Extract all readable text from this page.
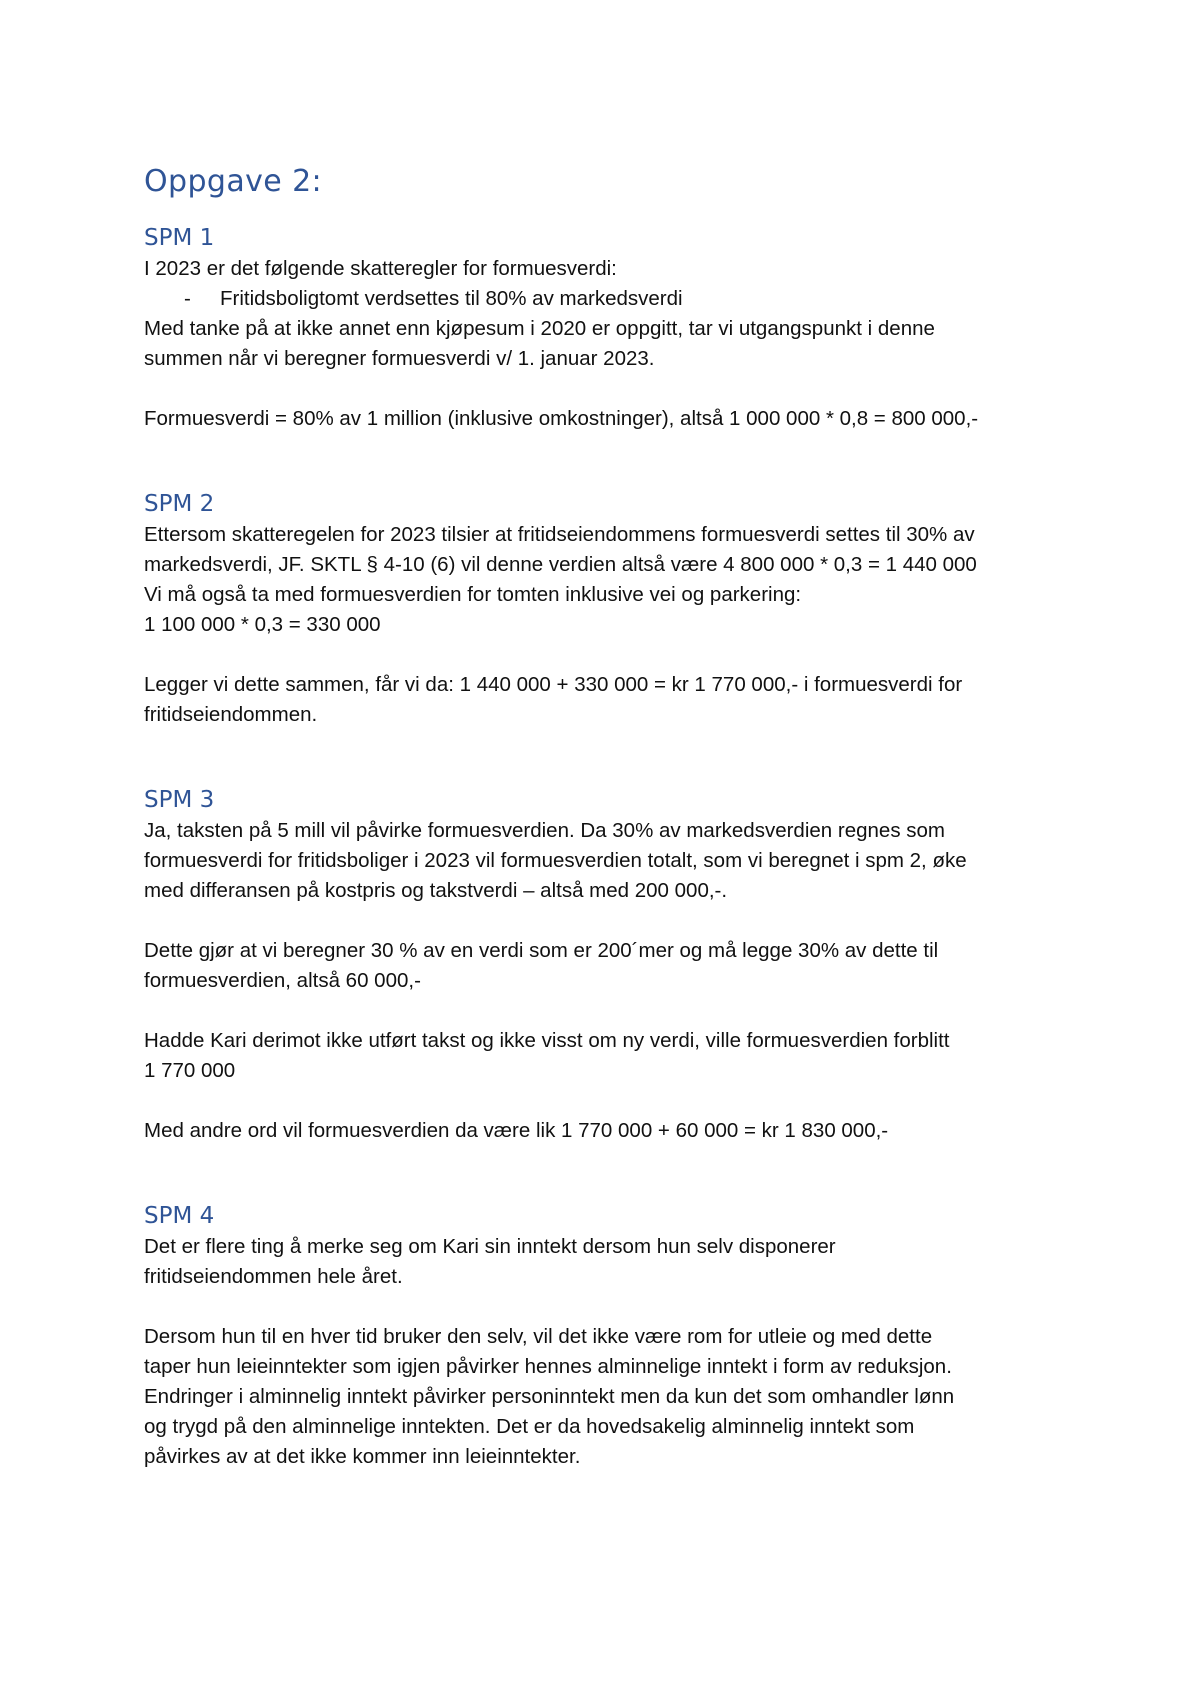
Oppgave 2:
SPM 1

I 2023 er det følgende skatteregler for formuesverdi:

-	Fritidsboligtomt verdsettes til 80% av markedsverdi

Med tanke på at ikke annet enn kjøpesum i 2020 er oppgitt, tar vi utgangspunkt i denne

summen når vi beregner formuesverdi v/ 1. januar 2023.

Formuesverdi = 80% av 1 million (inklusive omkostninger), altså 1 000 000 * 0,8 = 800 000,-

SPM 2

Ettersom skatteregelen for 2023 tilsier at fritidseiendommens formuesverdi settes til 30% av

markedsverdi, JF. SKTL § 4-10 (6) vil denne verdien altså være 4 800 000 * 0,3 = 1 440 000

Vi må også ta med formuesverdien for tomten inklusive vei og parkering:

1 100 000 * 0,3 = 330 000

Legger vi dette sammen, får vi da: 1 440 000 + 330 000 = kr 1 770 000,- i formuesverdi for

fritidseiendommen.

SPM 3

Ja, taksten på 5 mill vil påvirke formuesverdien. Da 30% av markedsverdien regnes som

formuesverdi for fritidsboliger i 2023 vil formuesverdien totalt, som vi beregnet i spm 2, øke

med differansen på kostpris og takstverdi – altså med 200 000,-.

Dette gjør at vi beregner 30 % av en verdi som er 200´mer og må legge 30% av dette til

formuesverdien, altså 60 000,-

Hadde Kari derimot ikke utført takst og ikke visst om ny verdi, ville formuesverdien forblitt

1 770 000

Med andre ord vil formuesverdien da være lik 1 770 000 + 60 000 = kr 1 830 000,-

SPM 4

Det er flere ting å merke seg om Kari sin inntekt dersom hun selv disponerer

fritidseiendommen hele året.

Dersom hun til en hver tid bruker den selv, vil det ikke være rom for utleie og med dette

taper hun leieinntekter som igjen påvirker hennes alminnelige inntekt i form av reduksjon.

Endringer i alminnelig inntekt påvirker personinntekt men da kun det som omhandler lønn

og trygd på den alminnelige inntekten. Det er da hovedsakelig alminnelig inntekt som

påvirkes av at det ikke kommer inn leieinntekter.
